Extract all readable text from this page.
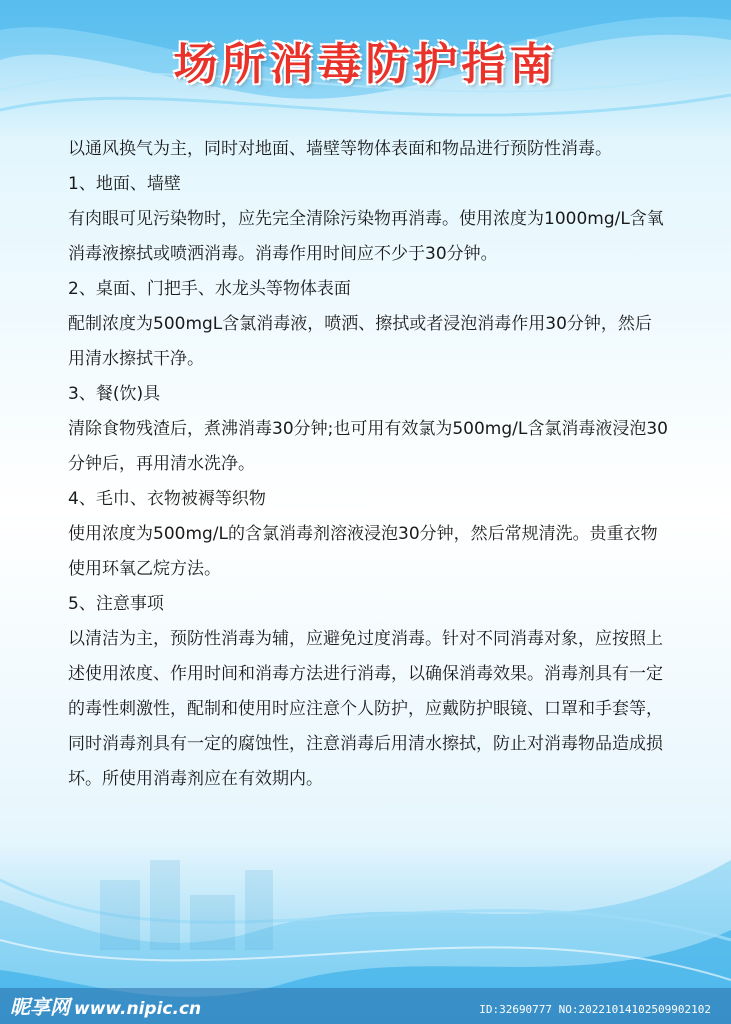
场所消毒防护指南

以通风换气为主，同时对地面、墙壁等物体表面和物品进行预防性消毒。

1、地面、墙壁

有肉眼可见污染物时，应先完全清除污染物再消毒。使用浓度为1000mg/L含氧消毒液擦拭或喷洒消毒。消毒作用时间应不少于30分钟。

2、桌面、门把手、水龙头等物体表面

配制浓度为500mgL含氯消毒液，喷洒、擦拭或者浸泡消毒作用30分钟，然后用清水擦拭干净。

3、餐(饮)具

清除食物残渣后，煮沸消毒30分钟;也可用有效氯为500mg/L含氯消毒液浸泡30分钟后，再用清水洗净。

4、毛巾、衣物被褥等织物

使用浓度为500mg/L的含氯消毒剂溶液浸泡30分钟，然后常规清洗。贵重衣物使用环氧乙烷方法。

5、注意事项

以清洁为主，预防性消毒为辅，应避免过度消毒。针对不同消毒对象，应按照上述使用浓度、作用时间和消毒方法进行消毒，以确保消毒效果。消毒剂具有一定的毒性刺激性，配制和使用时应注意个人防护，应戴防护眼镜、口罩和手套等，同时消毒剂具有一定的腐蚀性，注意消毒后用清水擦拭，防止对消毒物品造成损坏。所使用消毒剂应在有效期内。

昵享网 www.nipic.cn	ID:32690777 NO:20221014102509902102
